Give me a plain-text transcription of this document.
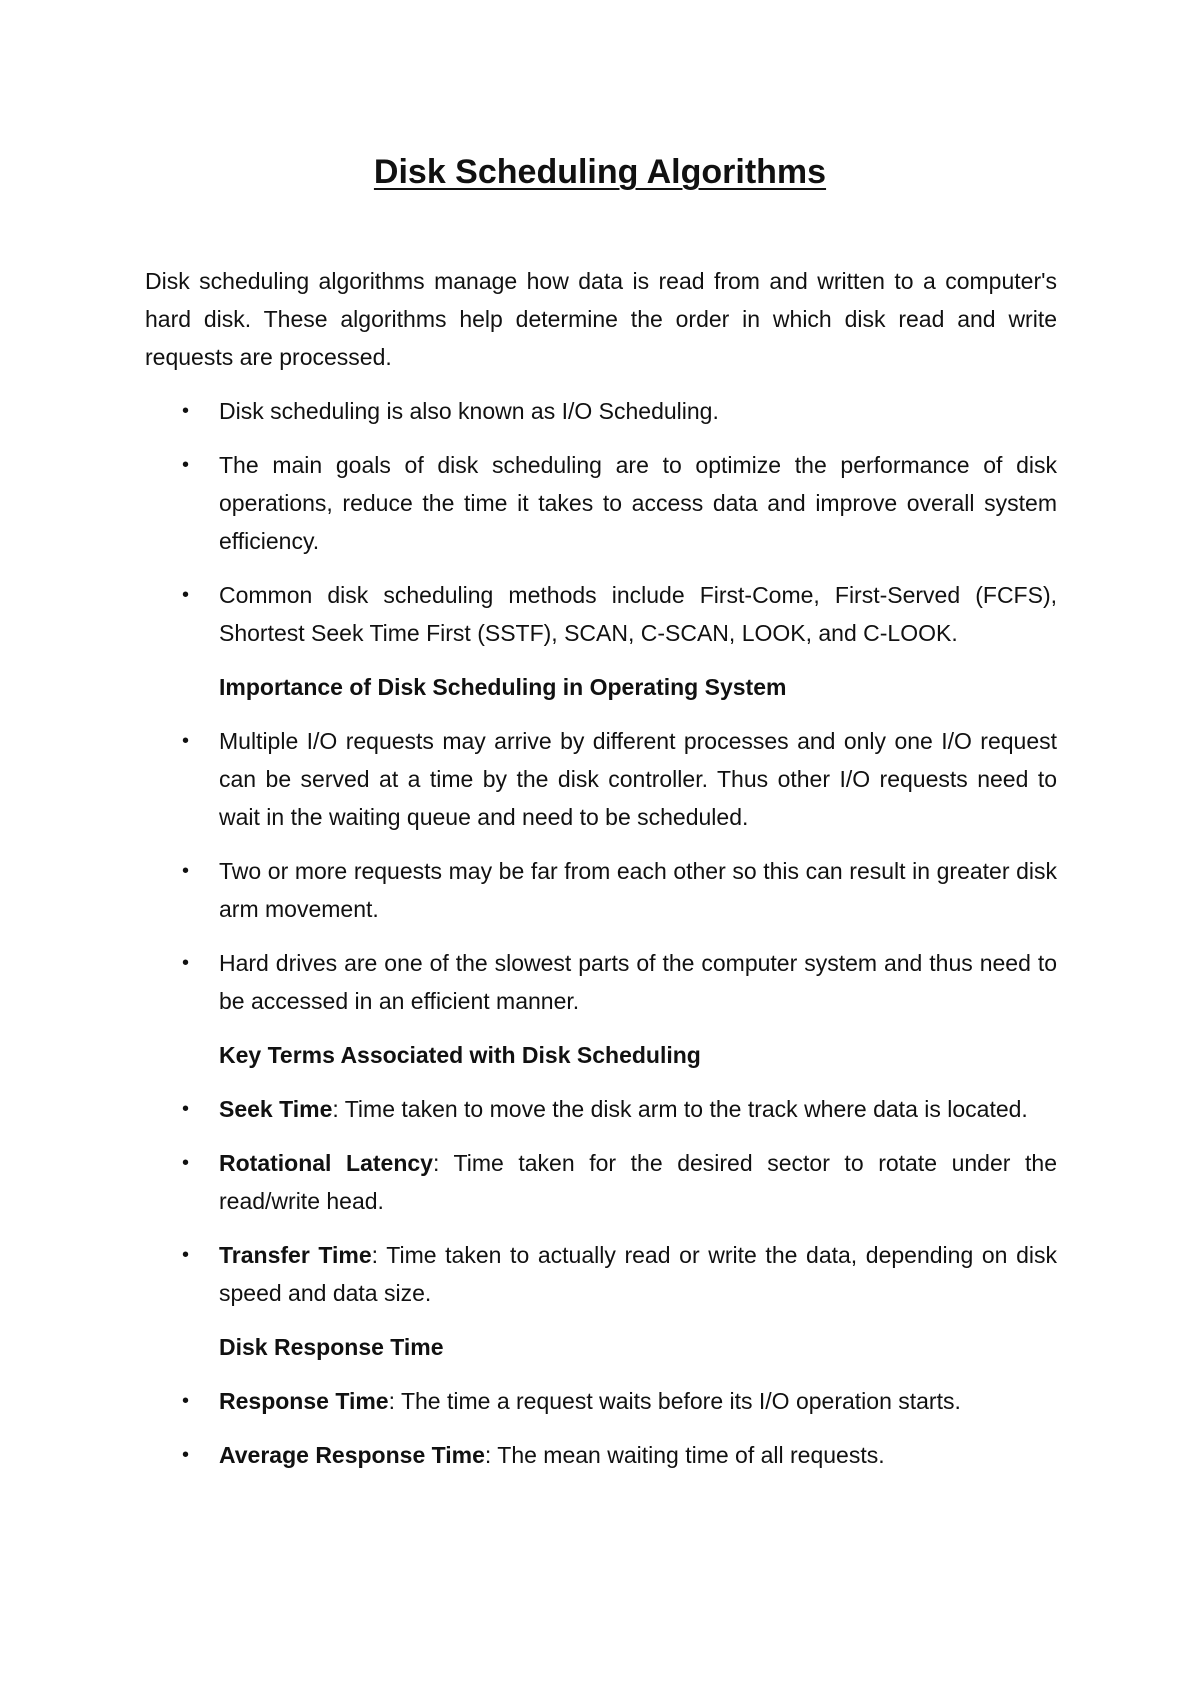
Disk Scheduling Algorithms

Disk scheduling algorithms manage how data is read from and written to a computer's hard disk. These algorithms help determine the order in which disk read and write requests are processed.

• Disk scheduling is also known as I/O Scheduling.
• The main goals of disk scheduling are to optimize the performance of disk operations, reduce the time it takes to access data and improve overall system efficiency.
• Common disk scheduling methods include First-Come, First-Served (FCFS), Shortest Seek Time First (SSTF), SCAN, C-SCAN, LOOK, and C-LOOK.
Importance of Disk Scheduling in Operating System
• Multiple I/O requests may arrive by different processes and only one I/O request can be served at a time by the disk controller. Thus other I/O requests need to wait in the waiting queue and need to be scheduled.
• Two or more requests may be far from each other so this can result in greater disk arm movement.
• Hard drives are one of the slowest parts of the computer system and thus need to be accessed in an efficient manner.
Key Terms Associated with Disk Scheduling
• Seek Time: Time taken to move the disk arm to the track where data is located.
• Rotational Latency: Time taken for the desired sector to rotate under the read/write head.
• Transfer Time: Time taken to actually read or write the data, depending on disk speed and data size.
Disk Response Time
• Response Time: The time a request waits before its I/O operation starts.
• Average Response Time: The mean waiting time of all requests.
